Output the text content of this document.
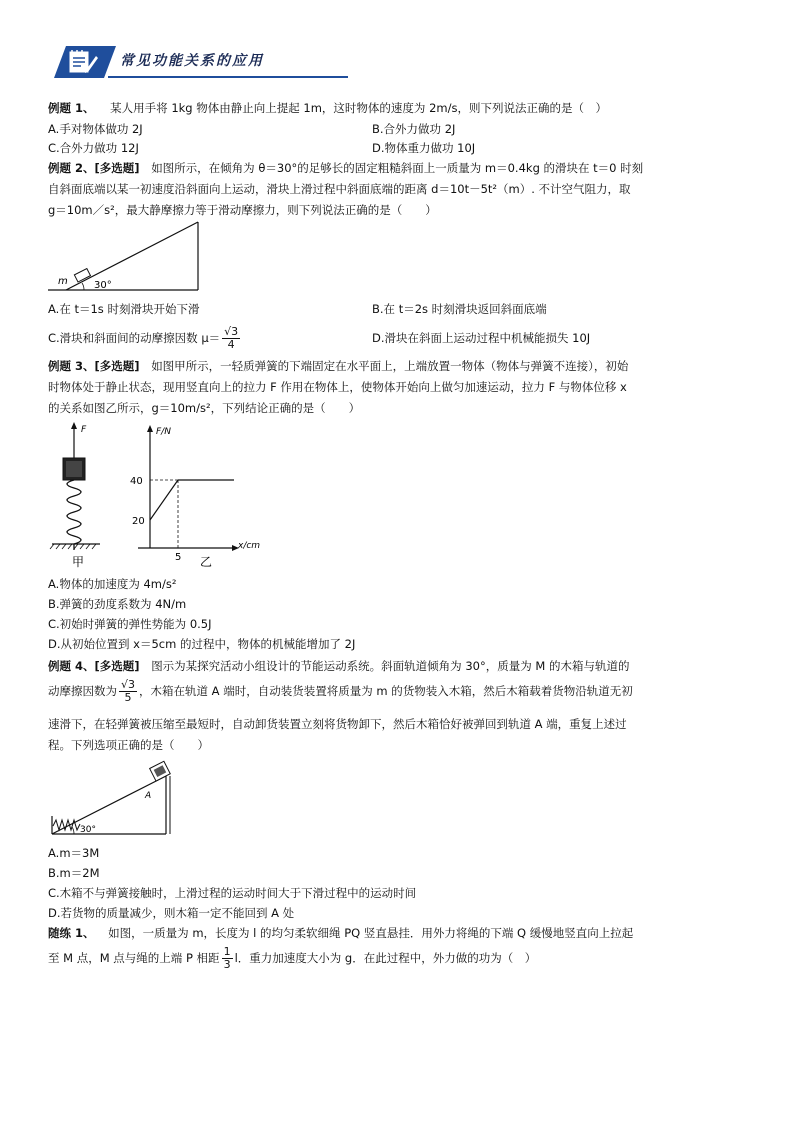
常见功能关系的应用
例题 1、 某人用手将 1kg 物体由静止向上提起 1m，这时物体的速度为 2m/s，则下列说法正确的是（　）
A.手对物体做功 2J	B.合外力做功 2J
C.合外力做功 12J	D.物体重力做功 10J
例题 2、[多选题] 如图所示，在倾角为 θ＝30°的足够长的固定粗糙斜面上一质量为 m＝0.4kg 的滑块在 t＝0 时刻
自斜面底端以某一初速度沿斜面向上运动，滑块上滑过程中斜面底端的距离 d＝10t－5t²（m）. 不计空气阻力，取
g＝10m／s²，最大静摩擦力等于滑动摩擦力，则下列说法正确的是（　　）
m	30°
A.在 t＝1s 时刻滑块开始下滑	B.在 t＝2s 时刻滑块返回斜面底端
C.滑块和斜面间的动摩擦因数 $\mu= \frac{√3}{4}$	D.滑块在斜面上运动过程中机械能损失 10J
例题 3、[多选题] 如图甲所示，一轻质弹簧的下端固定在水平面上，上端放置一物体（物体与弹簧不连接），初始
时物体处于静止状态，现用竖直向上的拉力 F 作用在物体上，使物体开始向上做匀加速运动，拉力 F 与物体位移 x
的关系如图乙所示，g＝10m/s²，下列结论正确的是（　　）
F
甲
F/N
x/cm
40
20
5 乙
A.物体的加速度为 4m/s²
B.弹簧的劲度系数为 4N/m
C.初始时弹簧的弹性势能为 0.5J
D.从初始位置到 x＝5cm 的过程中，物体的机械能增加了 2J
例题 4、[多选题] 图示为某探究活动小组设计的节能运动系统。斜面轨道倾角为 30°，质量为 M 的木箱与轨道的
动摩擦因数为 $\frac{√3}{5}$ ，木箱在轨道 A 端时，自动装货装置将质量为 m 的货物装入木箱，然后木箱载着货物沿轨道无初
速滑下，在轻弹簧被压缩至最短时，自动卸货装置立刻将货物卸下，然后木箱恰好被弹回到轨道 A 端，重复上述过
程。下列选项正确的是（　　）
A
30°
A.m＝3M
B.m＝2M
C.木箱不与弹簧接触时，上滑过程的运动时间大于下滑过程中的运动时间
D.若货物的质量减少，则木箱一定不能回到 A 处
随练 1、 如图，一质量为 m，长度为 l 的均匀柔软细绳 PQ 竖直悬挂．用外力将绳的下端 Q 缓慢地竖直向上拉起
至 M 点，M 点与绳的上端 P 相距 $\frac{1}{3}$ l．重力加速度大小为 g．在此过程中，外力做的功为（　）
